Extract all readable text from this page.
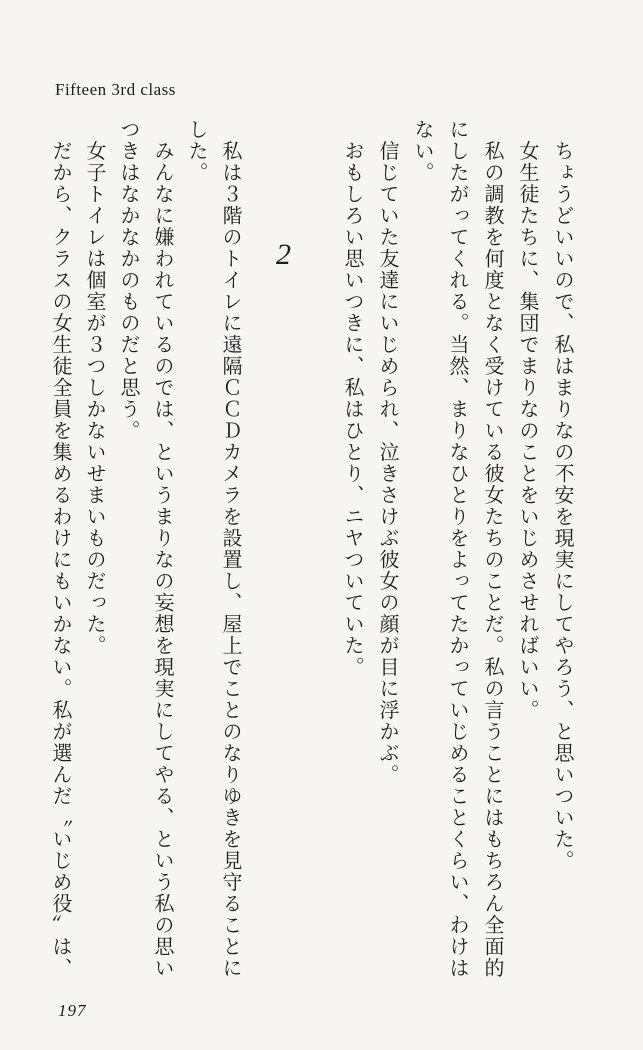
Fifteen 3rd class

　ちょうどいいので、私はまりなの不安を現実にしてやろう、と思いついた。

　女生徒たちに、集団でまりなのことをいじめさせればいい。

　私の調教を何度となく受けている彼女たちのことだ。私の言うことにはもちろん全面的にしたがってくれる。当然、まりなひとりをよってたかっていじめることくらい、わけはない。

　信じていた友達にいじめられ、泣きさけぶ彼女の顔が目に浮かぶ。

　おもしろい思いつきに、私はひとり、ニヤついていた。

2

　私は３階のトイレに遠隔ＣＣＤカメラを設置し、屋上でことのなりゆきを見守ることにした。

　みんなに嫌われているのでは、というまりなの妄想を現実にしてやる、という私の思いつきはなかなかのものだと思う。

　女子トイレは個室が３つしかないせまいものだった。

　だから、クラスの女生徒全員を集めるわけにもいかない。私が選んだ〝いじめ役〟は、

197
